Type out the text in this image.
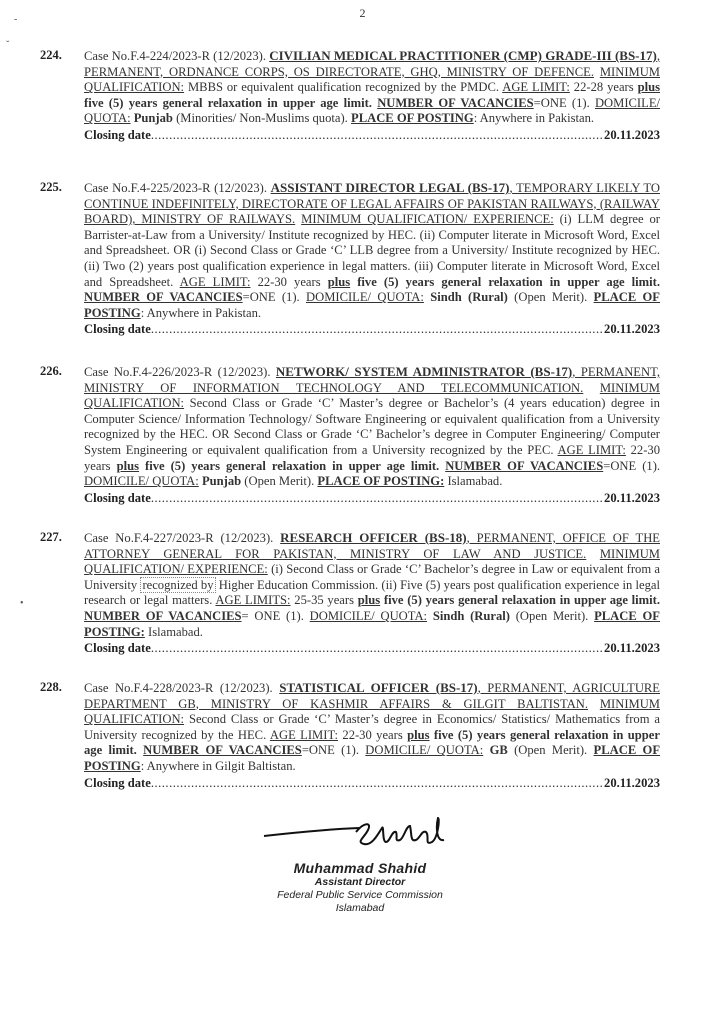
ˇ
-
•
2
224.	Case No.F.4-224/2023-R (12/2023). CIVILIAN MEDICAL PRACTITIONER (CMP) GRADE-III (BS-17), PERMANENT, ORDNANCE CORPS, OS DIRECTORATE, GHQ, MINISTRY OF DEFENCE. MINIMUM QUALIFICATION: MBBS or equivalent qualification recognized by the PMDC. AGE LIMIT: 22-28 years plus five (5) years general relaxation in upper age limit. NUMBER OF VACANCIES=ONE (1). DOMICILE/ QUOTA: Punjab (Minorities/ Non-Muslims quota). PLACE OF POSTING: Anywhere in Pakistan.
Closing date .....	20.11.2023
225.	Case No.F.4-225/2023-R (12/2023). ASSISTANT DIRECTOR LEGAL (BS-17), TEMPORARY LIKELY TO CONTINUE INDEFINITELY, DIRECTORATE OF LEGAL AFFAIRS OF PAKISTAN RAILWAYS, (RAILWAY BOARD), MINISTRY OF RAILWAYS. MINIMUM QUALIFICATION/ EXPERIENCE: (i) LLM degree or Barrister-at-Law from a University/ Institute recognized by HEC. (ii) Computer literate in Microsoft Word, Excel and Spreadsheet. OR (i) Second Class or Grade ‘C’ LLB degree from a University/ Institute recognized by HEC. (ii) Two (2) years post qualification experience in legal matters. (iii) Computer literate in Microsoft Word, Excel and Spreadsheet. AGE LIMIT: 22-30 years plus five (5) years general relaxation in upper age limit. NUMBER OF VACANCIES=ONE (1). DOMICILE/ QUOTA: Sindh (Rural) (Open Merit). PLACE OF POSTING: Anywhere in Pakistan.
Closing date .....	20.11.2023
226.	Case No.F.4-226/2023-R (12/2023). NETWORK/ SYSTEM ADMINISTRATOR (BS-17), PERMANENT, MINISTRY OF INFORMATION TECHNOLOGY AND TELECOMMUNICATION. MINIMUM QUALIFICATION: Second Class or Grade ‘C’ Master’s degree or Bachelor’s (4 years education) degree in Computer Science/ Information Technology/ Software Engineering or equivalent qualification from a University recognized by the HEC. OR Second Class or Grade ‘C’ Bachelor’s degree in Computer Engineering/ Computer System Engineering or equivalent qualification from a University recognized by the PEC. AGE LIMIT: 22-30 years plus five (5) years general relaxation in upper age limit. NUMBER OF VACANCIES=ONE (1). DOMICILE/ QUOTA: Punjab (Open Merit). PLACE OF POSTING: Islamabad.
Closing date .....	20.11.2023
227.	Case No.F.4-227/2023-R (12/2023). RESEARCH OFFICER (BS-18), PERMANENT, OFFICE OF THE ATTORNEY GENERAL FOR PAKISTAN, MINISTRY OF LAW AND JUSTICE. MINIMUM QUALIFICATION/ EXPERIENCE: (i) Second Class or Grade ‘C’ Bachelor’s degree in Law or equivalent from a University recognized by Higher Education Commission. (ii) Five (5) years post qualification experience in legal research or legal matters. AGE LIMITS: 25-35 years plus five (5) years general relaxation in upper age limit. NUMBER OF VACANCIES= ONE (1). DOMICILE/ QUOTA: Sindh (Rural) (Open Merit). PLACE OF POSTING: Islamabad.
Closing date .....	20.11.2023
228.	Case No.F.4-228/2023-R (12/2023). STATISTICAL OFFICER (BS-17), PERMANENT, AGRICULTURE DEPARTMENT GB, MINISTRY OF KASHMIR AFFAIRS & GILGIT BALTISTAN. MINIMUM QUALIFICATION: Second Class or Grade ‘C’ Master’s degree in Economics/ Statistics/ Mathematics from a University recognized by the HEC. AGE LIMIT: 22-30 years plus five (5) years general relaxation in upper age limit. NUMBER OF VACANCIES=ONE (1). DOMICILE/ QUOTA: GB (Open Merit). PLACE OF POSTING: Anywhere in Gilgit Baltistan.
Closing date .....	20.11.2023
Muhammad Shahid
Assistant Director
Federal Public Service Commission
Islamabad
